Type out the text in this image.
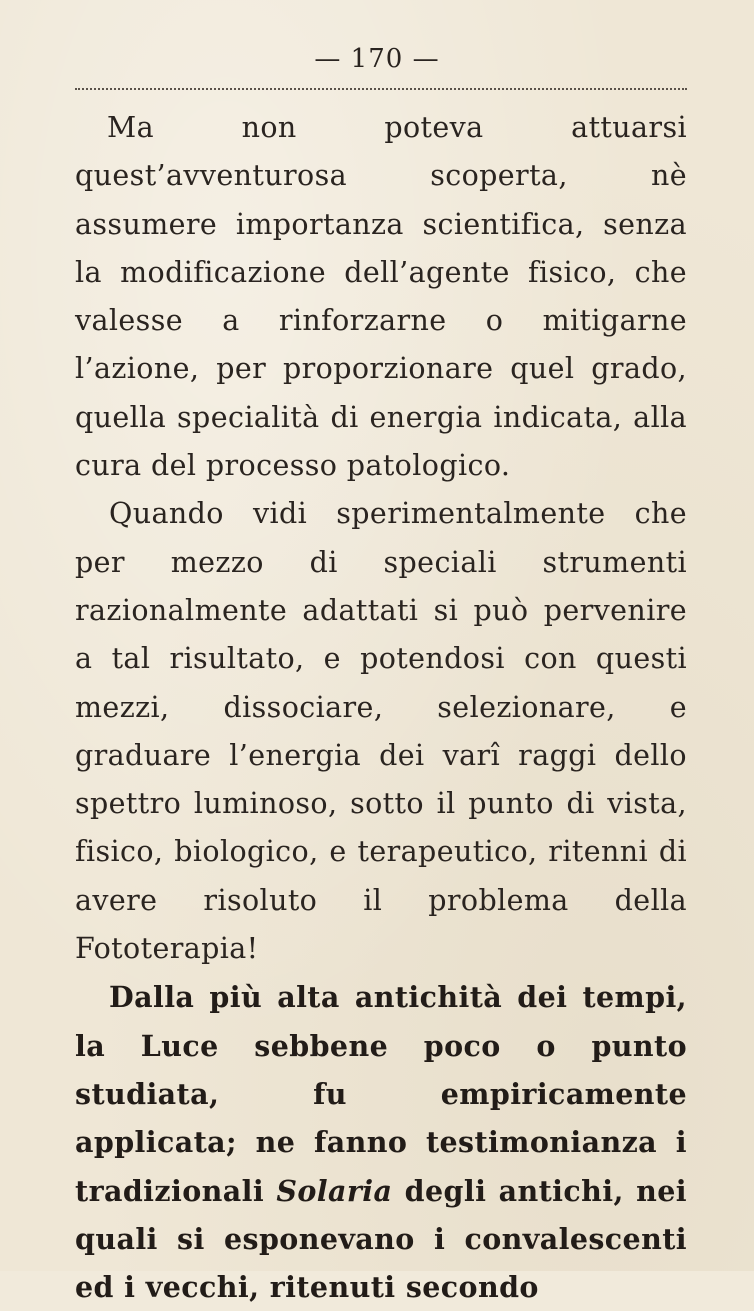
— 170 —

Ma non poteva attuarsi quest’avventurosa scoperta, nè assumere importanza scientifica, senza la modificazione dell’agente fisico, che valesse a rinforzarne o mitigarne l’azione, per proporzionare quel grado, quella specialità di energia indicata, alla cura del processo patologico.

Quando vidi sperimentalmente che per mezzo di speciali strumenti razionalmente adattati si può pervenire a tal risultato, e potendosi con questi mezzi, dissociare, selezionare, e graduare l’energia dei varî raggi dello spettro luminoso, sotto il punto di vista, fisico, biologico, e terapeutico, ritenni di avere risoluto il problema della Fototerapia!

Dalla più alta antichità dei tempi, la Luce sebbene poco o punto studiata, fu empiricamente applicata; ne fanno testimonianza i tradizionali Solaria degli antichi, nei quali si esponevano i convalescenti ed i vecchi, ritenuti secondo
